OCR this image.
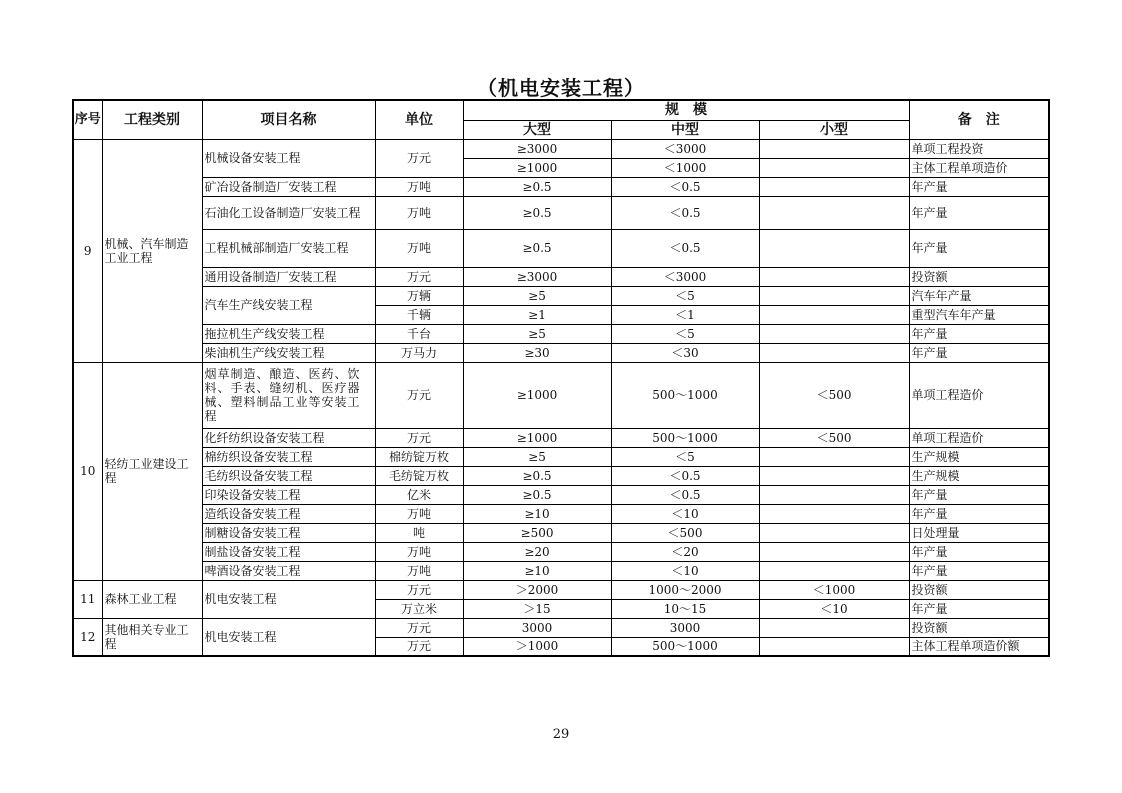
（机电安装工程）
序号	工程类别	项目名称	单位	规　模			备　注
				大型	中型	小型	
9	机械、汽车制造工业工程	机械设备安装工程	万元	≥3000	＜3000		单项工程投资
				≥1000	＜1000		主体工程单项造价
		矿冶设备制造厂安装工程	万吨	≥0.5	＜0.5		年产量
		石油化工设备制造厂安装工程	万吨	≥0.5	＜0.5		年产量
		工程机械部制造厂安装工程	万吨	≥0.5	＜0.5		年产量
		通用设备制造厂安装工程	万元	≥3000	＜3000		投资额
		汽车生产线安装工程	万辆	≥5	＜5		汽车年产量
			千辆	≥1	＜1		重型汽车年产量
		拖拉机生产线安装工程	千台	≥5	＜5		年产量
		柴油机生产线安装工程	万马力	≥30	＜30		年产量
10	轻纺工业建设工程	烟草制造、酿造、医药、饮料、手表、缝纫机、医疗器械、塑料制品工业等安装工程	万元	≥1000	500～1000	＜500	单项工程造价
		化纤纺织设备安装工程	万元	≥1000	500～1000	＜500	单项工程造价
		棉纺织设备安装工程	棉纺锭万枚	≥5	＜5		生产规模
		毛纺织设备安装工程	毛纺锭万枚	≥0.5	＜0.5		生产规模
		印染设备安装工程	亿米	≥0.5	＜0.5		年产量
		造纸设备安装工程	万吨	≥10	＜10		年产量
		制糖设备安装工程	吨	≥500	＜500		日处理量
		制盐设备安装工程	万吨	≥20	＜20		年产量
		啤酒设备安装工程	万吨	≥10	＜10		年产量
11	森林工业工程	机电安装工程	万元	＞2000	1000～2000	＜1000	投资额
			万立米	＞15	10～15	＜10	年产量
12	其他相关专业工程	机电安装工程	万元	3000	3000		投资额
			万元	＞1000	500～1000		主体工程单项造价额
29
